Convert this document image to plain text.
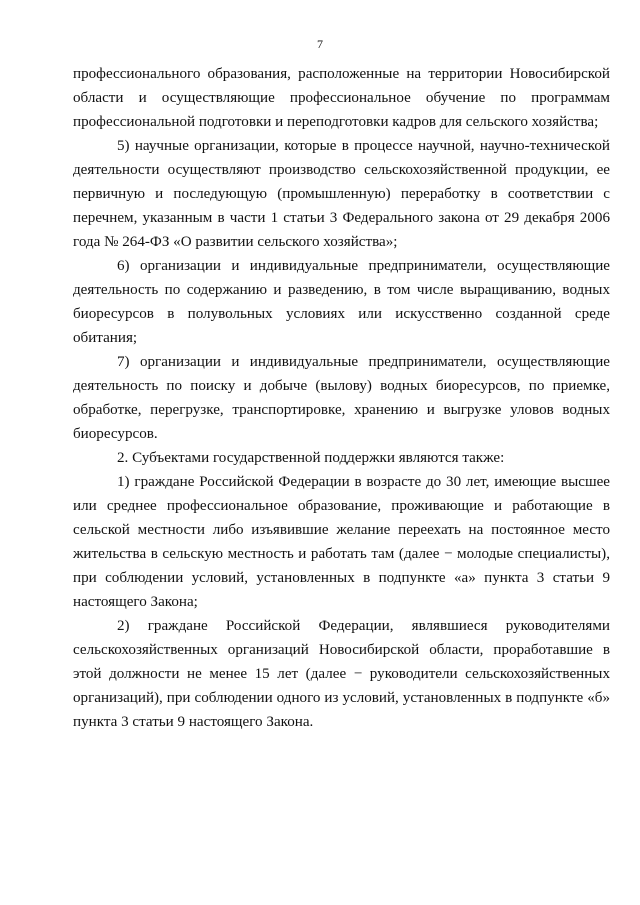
7

профессионального образования, расположенные на территории Новосибирской области и осуществляющие профессиональное обучение по программам профессиональной подготовки и переподготовки кадров для сельского хозяйства;

5) научные организации, которые в процессе научной, научно-технической деятельности осуществляют производство сельскохозяйственной продукции, ее первичную и последующую (промышленную) переработку в соответствии с перечнем, указанным в части 1 статьи 3 Федерального закона от 29 декабря 2006 года № 264-ФЗ «О развитии сельского хозяйства»;

6) организации и индивидуальные предприниматели, осуществляющие деятельность по содержанию и разведению, в том числе выращиванию, водных биоресурсов в полувольных условиях или искусственно созданной среде обитания;

7) организации и индивидуальные предприниматели, осуществляющие деятельность по поиску и добыче (вылову) водных биоресурсов, по приемке, обработке, перегрузке, транспортировке, хранению и выгрузке уловов водных биоресурсов.

2. Субъектами государственной поддержки являются также:

1) граждане Российской Федерации в возрасте до 30 лет, имеющие высшее или среднее профессиональное образование, проживающие и работающие в сельской местности либо изъявившие желание переехать на постоянное место жительства в сельскую местность и работать там (далее − молодые специалисты), при соблюдении условий, установленных в подпункте «а» пункта 3 статьи 9 настоящего Закона;

2) граждане Российской Федерации, являвшиеся руководителями сельскохозяйственных организаций Новосибирской области, проработавшие в этой должности не менее 15 лет (далее − руководители сельскохозяйственных организаций), при соблюдении одного из условий, установленных в подпункте «б» пункта 3 статьи 9 настоящего Закона.
